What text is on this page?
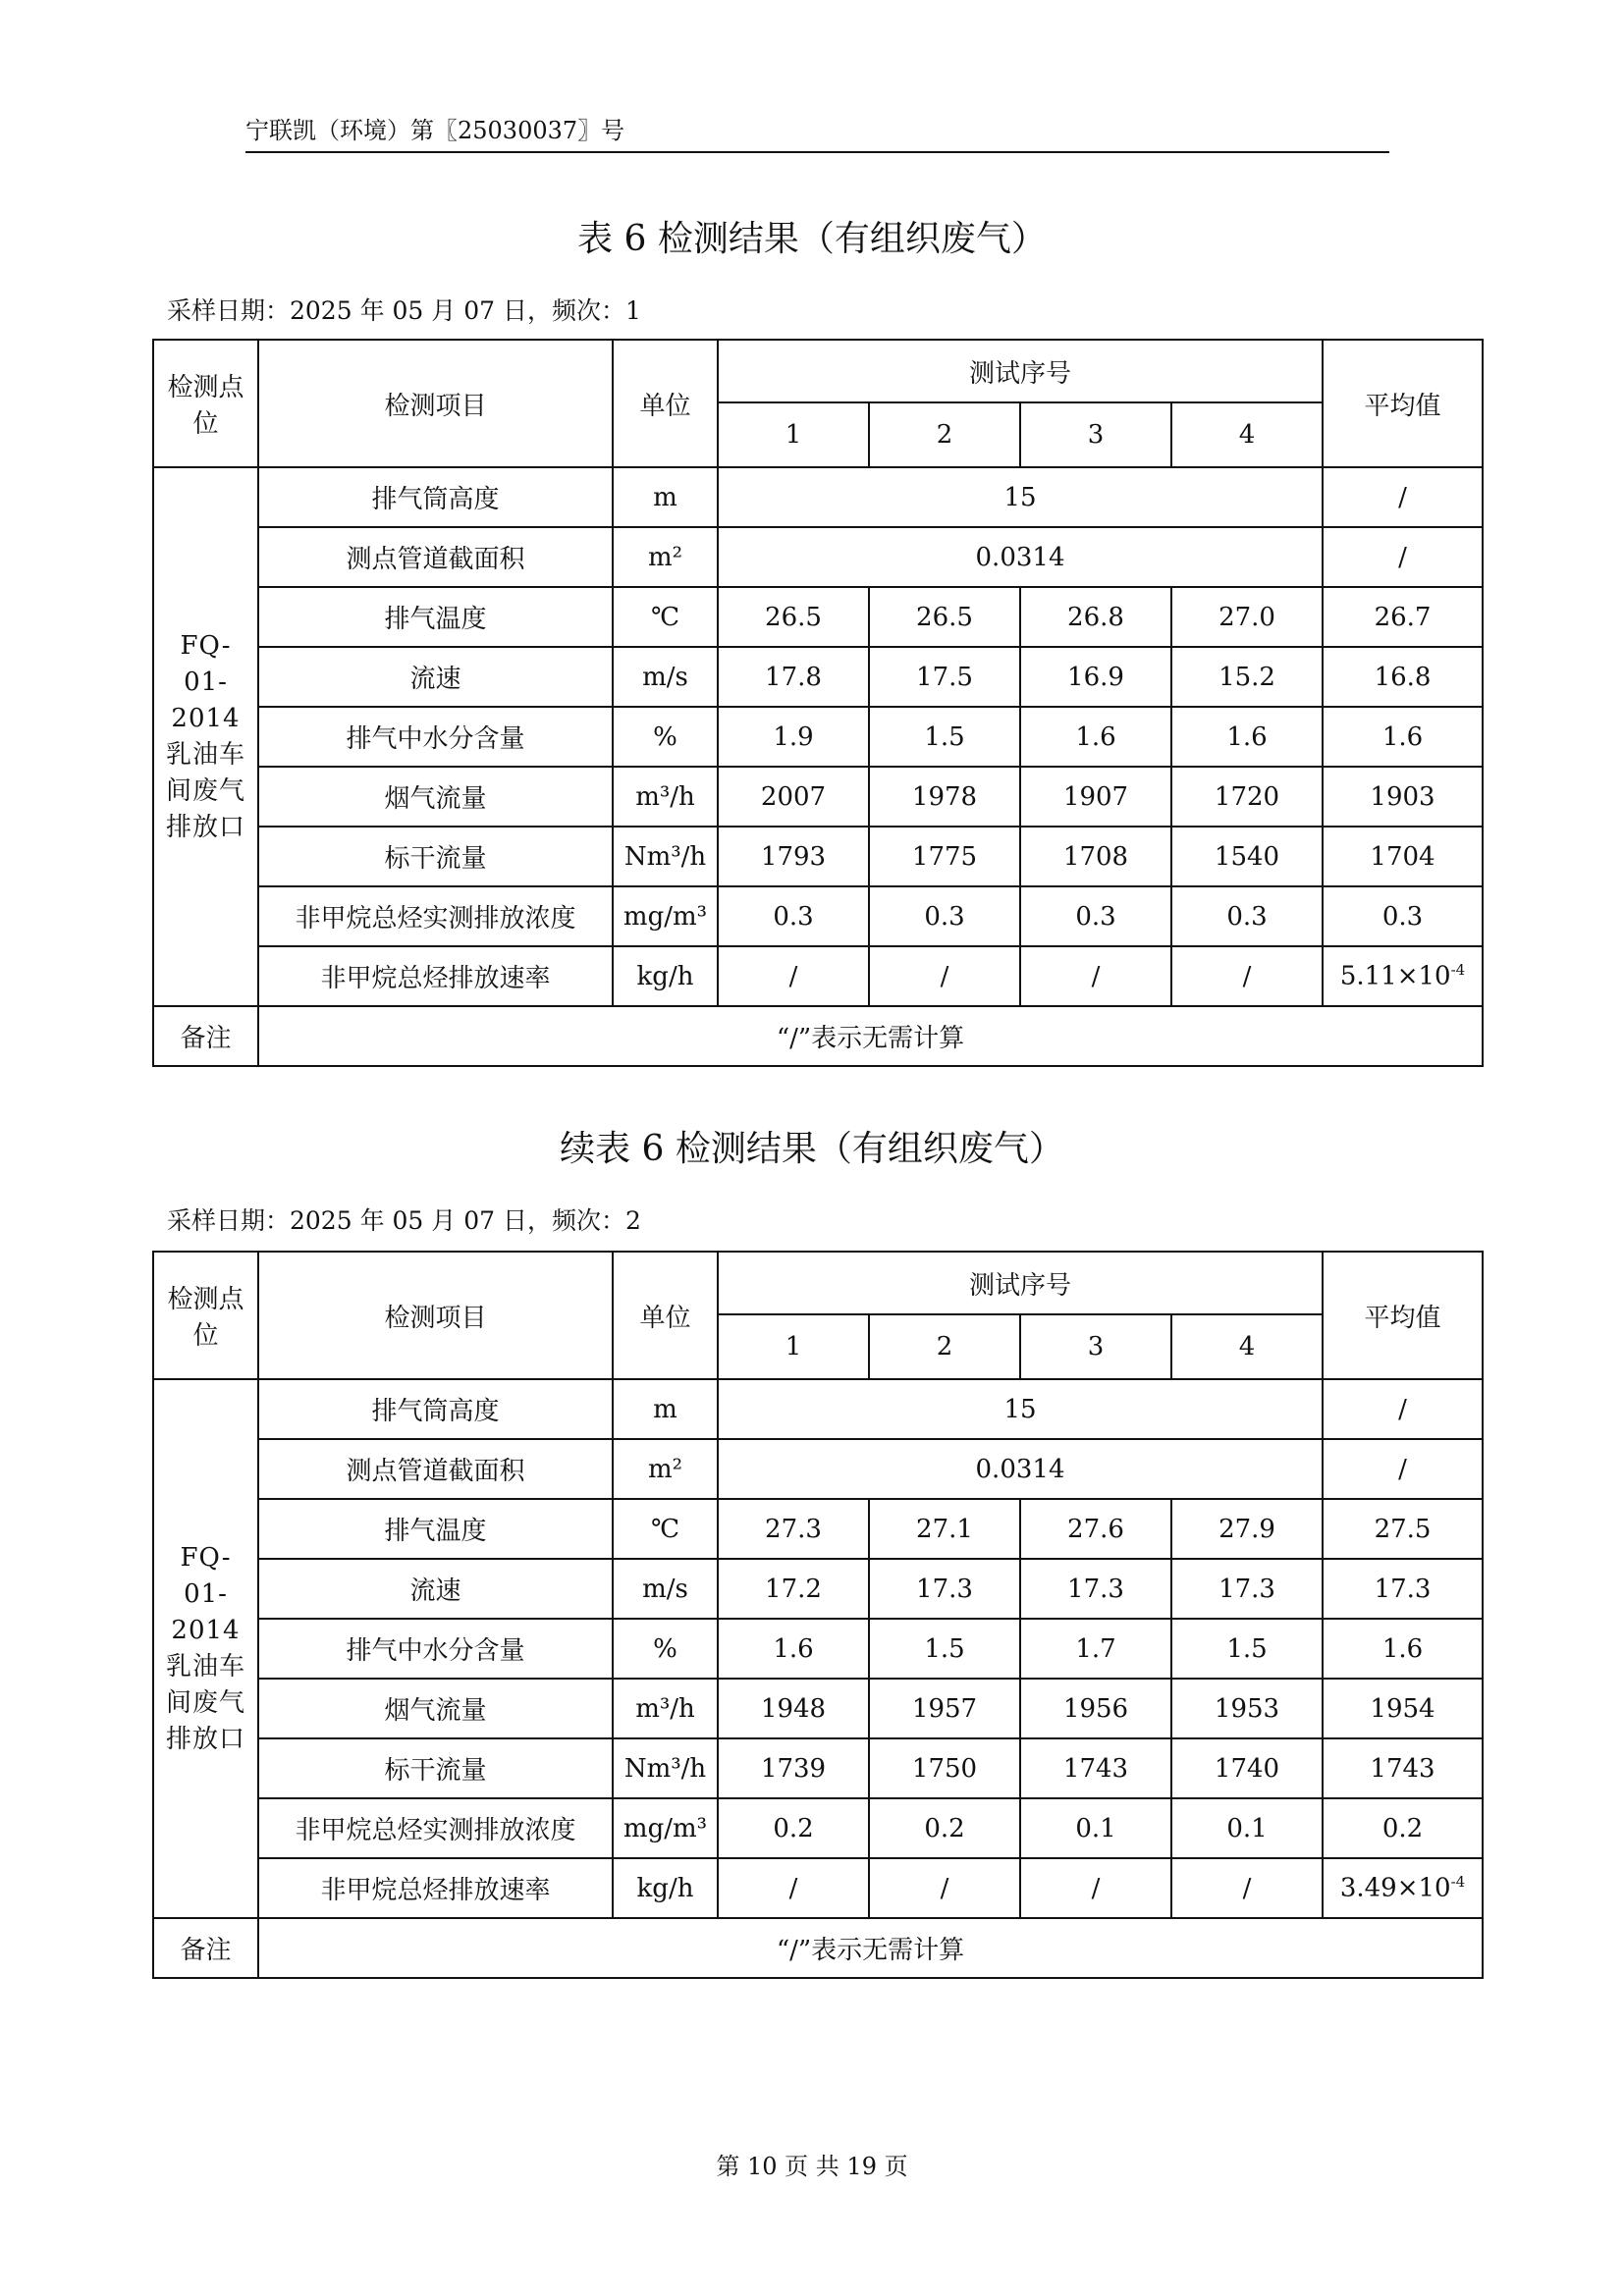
宁联凯（环境）第〖25030037〗号
表 6 检测结果（有组织废气）
采样日期：2025 年 05 月 07 日，频次：1
检测点位	检测项目	单位	测试序号				平均值
			1	2	3	4	
FQ-01-2014乳油车间废气排放口	排气筒高度	m	15				/
	测点管道截面积	m²	0.0314				/
	排气温度	℃	26.5	26.5	26.8	27.0	26.7
	流速	m/s	17.8	17.5	16.9	15.2	16.8
	排气中水分含量	%	1.9	1.5	1.6	1.6	1.6
	烟气流量	m³/h	2007	1978	1907	1720	1903
	标干流量	Nm³/h	1793	1775	1708	1540	1704
	非甲烷总烃实测排放浓度	mg/m³	0.3	0.3	0.3	0.3	0.3
	非甲烷总烃排放速率	kg/h	/	/	/	/	$5.11\times 10^{-4}$
备注	“/”表示无需计算						
续表 6 检测结果（有组织废气）
采样日期：2025 年 05 月 07 日，频次：2
检测点位	检测项目	单位	测试序号				平均值
			1	2	3	4	
FQ-01-2014乳油车间废气排放口	排气筒高度	m	15				/
	测点管道截面积	m²	0.0314				/
	排气温度	℃	27.3	27.1	27.6	27.9	27.5
	流速	m/s	17.2	17.3	17.3	17.3	17.3
	排气中水分含量	%	1.6	1.5	1.7	1.5	1.6
	烟气流量	m³/h	1948	1957	1956	1953	1954
	标干流量	Nm³/h	1739	1750	1743	1740	1743
	非甲烷总烃实测排放浓度	mg/m³	0.2	0.2	0.1	0.1	0.2
	非甲烷总烃排放速率	kg/h	/	/	/	/	$3.49\times 10^{-4}$
备注	“/”表示无需计算						
第 10 页 共 19 页
